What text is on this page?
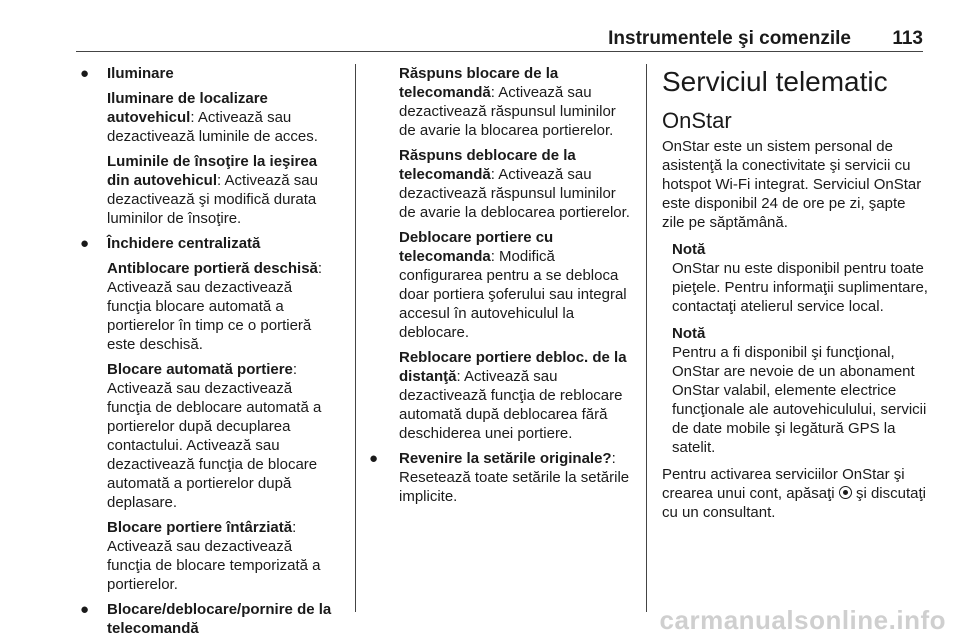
Instrumentele şi comenzile 113
● Iluminare
Iluminare de localizare autovehicul: Activează sau dezactivează luminile de acces.
Luminile de însoţire la ieşirea din autovehicul: Activează sau dezactivează şi modifică durata luminilor de însoţire.
● Închidere centralizată
Antiblocare portieră deschisă: Activează sau dezactivează funcţia blocare automată a portierelor în timp ce o portieră este deschisă.
Blocare automată portiere: Activează sau dezactivează funcţia de deblocare automată a portierelor după decuplarea contactului. Activează sau dezactivează funcţia de blocare automată a portierelor după deplasare.
Blocare portiere întârziată: Activează sau dezactivează funcţia de blocare temporizată a portierelor.
● Blocare/deblocare/pornire de la telecomandă
Răspuns blocare de la telecomandă: Activează sau dezactivează răspunsul luminilor de avarie la blocarea portierelor.
Răspuns deblocare de la telecomandă: Activează sau dezactivează răspunsul luminilor de avarie la deblocarea portierelor.
Deblocare portiere cu telecomanda: Modifică configurarea pentru a se debloca doar portiera şoferului sau integral accesul în autovehiculul la deblocare.
Reblocare portiere debloc. de la distanţă: Activează sau dezactivează funcţia de reblocare automată după deblocarea fără deschiderea unei portiere.
● Revenire la setările originale?: Resetează toate setările la setările implicite.
Serviciul telematic
OnStar
OnStar este un sistem personal de asistenţă la conectivitate şi servicii cu hotspot Wi-Fi integrat. Serviciul OnStar este disponibil 24 de ore pe zi, şapte zile pe săptămână.
Notă
OnStar nu este disponibil pentru toate pieţele. Pentru informaţii suplimentare, contactaţi atelierul service local.
Notă
Pentru a fi disponibil şi funcţional, OnStar are nevoie de un abonament OnStar valabil, elemente electrice funcţionale ale autovehiculului, servicii de date mobile şi legătură GPS la satelit.
Pentru activarea serviciilor OnStar şi crearea unui cont, apăsaţi şi discutaţi cu un consultant.
carmanualsonline.info
